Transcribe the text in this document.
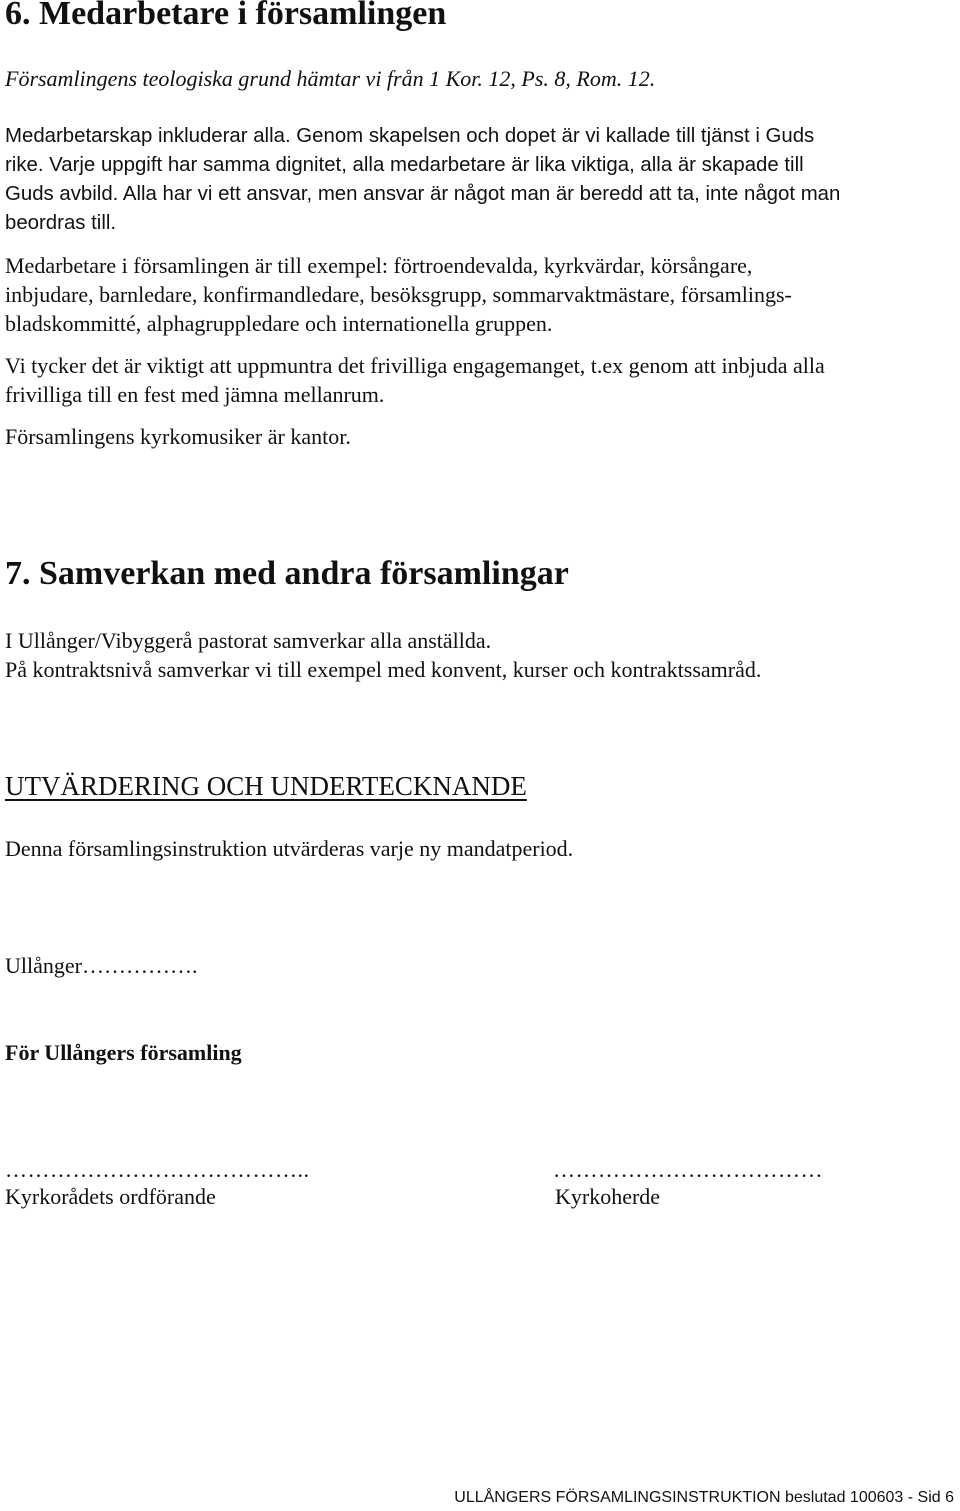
6. Medarbetare i församlingen
Församlingens teologiska grund hämtar vi från 1 Kor. 12, Ps. 8, Rom. 12.
Medarbetarskap inkluderar alla. Genom skapelsen och dopet är vi kallade till tjänst i Guds
rike. Varje uppgift har samma dignitet, alla medarbetare är lika viktiga, alla är skapade till
Guds avbild. Alla har vi ett ansvar, men ansvar är något man är beredd att ta, inte något man
beordras till.
Medarbetare i församlingen är till exempel: förtroendevalda, kyrkvärdar, körsångare,
inbjudare, barnledare, konfirmandledare, besöksgrupp, sommarvaktmästare, församlings-
bladskommitté, alphagruppledare och internationella gruppen.
Vi tycker det är viktigt att uppmuntra det frivilliga engagemanget, t.ex genom att inbjuda alla
frivilliga till en fest med jämna mellanrum.
Församlingens kyrkomusiker är kantor.
7. Samverkan med andra församlingar
I Ullånger/Vibyggerå pastorat samverkar alla anställda.
På kontraktsnivå samverkar vi till exempel med konvent, kurser och kontraktssamråd.
UTVÄRDERING OCH UNDERTECKNANDE
Denna församlingsinstruktion utvärderas varje ny mandatperiod.
Ullånger…………….
För Ullångers församling
…………………………………..
Kyrkorådets ordförande
………………………………
Kyrkoherde
ULLÅNGERS FÖRSAMLINGSINSTRUKTION beslutad 100603 - Sid 6
